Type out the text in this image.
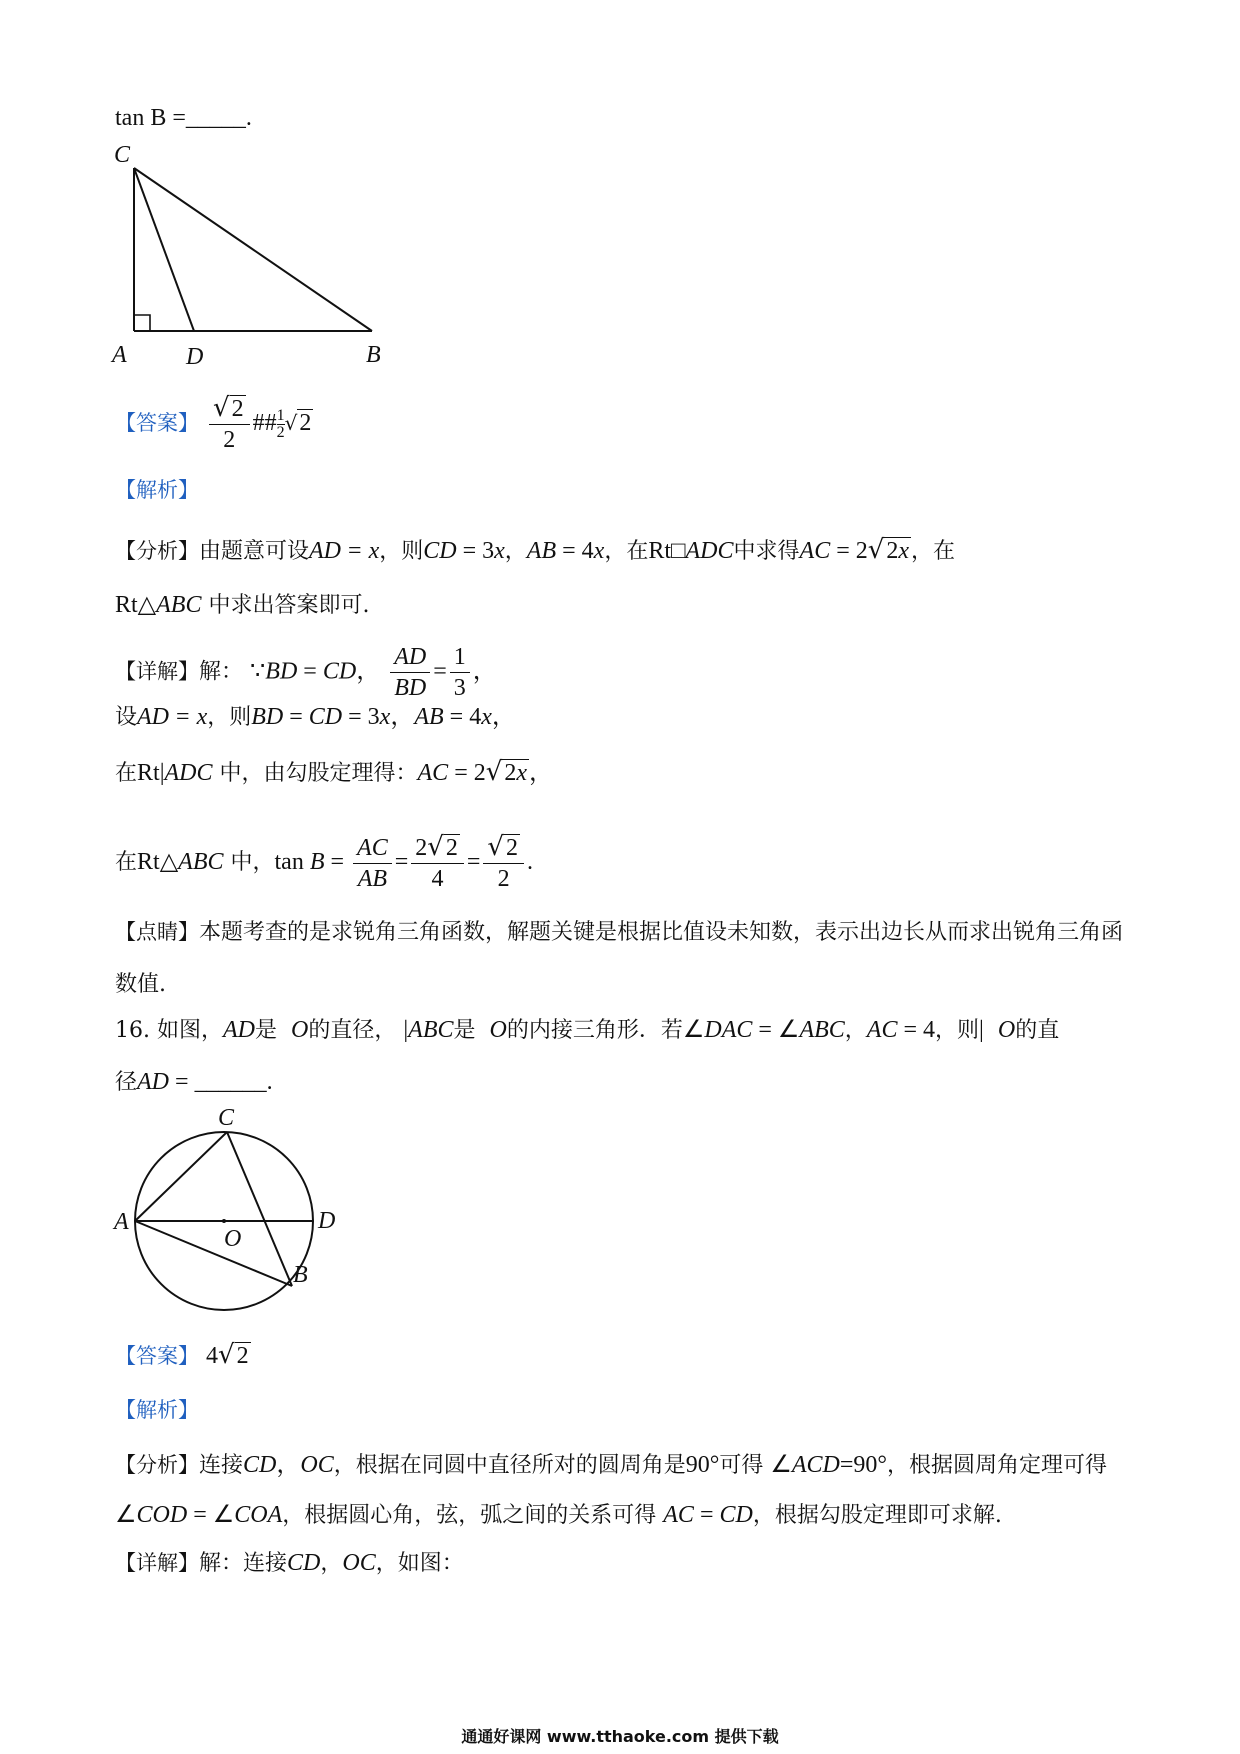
tan B =_____.
C
A D	B
【答案】 $\frac{√2}{2}$ ## $\frac{1}{2}√2$
【解析】
【分析】由题意可设AD = x，则CD = 3x，AB = 4x，在Rt□ADC中求得AC = 2√2x，在
Rt△ABC 中求出答案即可.
【详解】解： ∵BD = CD， $\frac{AD}{BD} = \frac{1}{3}$ ，
设AD = x，则BD = CD = 3x，AB = 4x，
在Rt|ADC 中，由勾股定理得：AC = 2√2x，
在Rt△ABC 中，$\tan B = \frac{AC}{AB} = \frac{2√2}{4} = \frac{√2}{2}$ .
【点睛】本题考查的是求锐角三角函数，解题关键是根据比值设未知数，表示出边长从而求出锐角三角函
数值.
16. 如图，AD是 O的直径， |ABC是 O的内接三角形．若∠DAC = ∠ABC，AC = 4，则| O的直
径AD = ______.
C
A	D
O
B
【答案】 4√2
【解析】
【分析】连接CD，OC，根据在同圆中直径所对的圆周角是90°可得 ∠ACD=90°，根据圆周角定理可得
∠COD = ∠COA，根据圆心角，弦，弧之间的关系可得 AC = CD，根据勾股定理即可求解.
【详解】解：连接CD，OC，如图：
通通好课网 www.tthaoke.com 提供下载
